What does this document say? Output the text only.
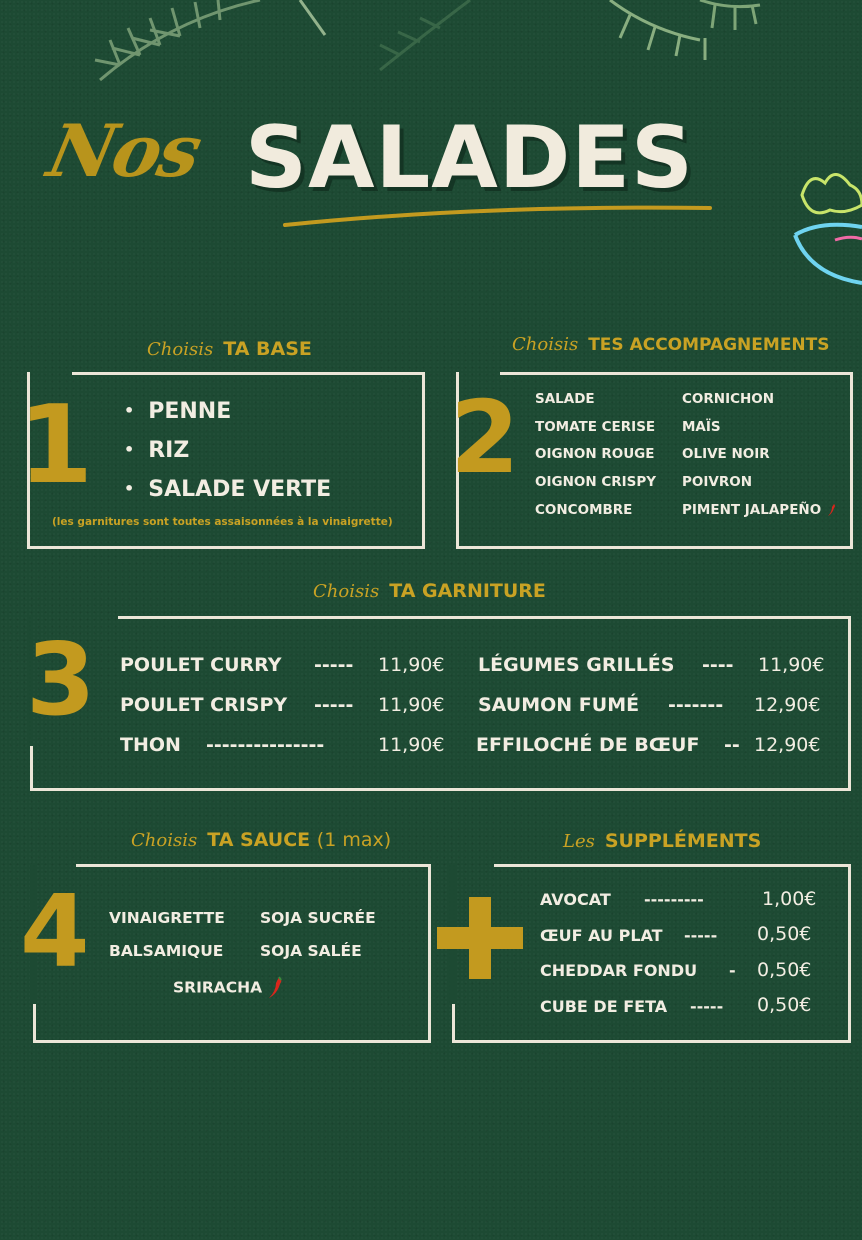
Nos SALADES
Choisis TA BASE
1
•	PENNE
• RIZ
• SALADE VERTE
(les garnitures sont toutes assaisonnées à la vinaigrette)
Choisis TES ACCOMPAGNEMENTS
2 SALADE
TOMATE CERISE
OIGNON ROUGE
OIGNON CRISPY
CONCOMBRE
CORNICHON
MAÏS
OLIVE NOIR
POIVRON
PIMENT JALAPEÑO
Choisis TA GARNITURE
3 POULET CURRY ----- 11,90€
POULET CRISPY ----- 11,90€
THON ---------------	11,90€
LÉGUMES GRILLÉS ---- 11,90€
SAUMON FUMÉ ------- 12,90€
EFFILOCHÉ DE BŒUF -- 12,90€
Choisis TA SAUCE (1 max)
4 VINAIGRETTE SOJA SUCRÉE
BALSAMIQUE SOJA SALÉE
SRIRACHA
Les SUPPLÉMENTS
AVOCAT ---------	1,00€
ŒUF AU PLAT ----- 0,50€
CHEDDAR FONDU - 0,50€
CUBE DE FETA ----- 0,50€
